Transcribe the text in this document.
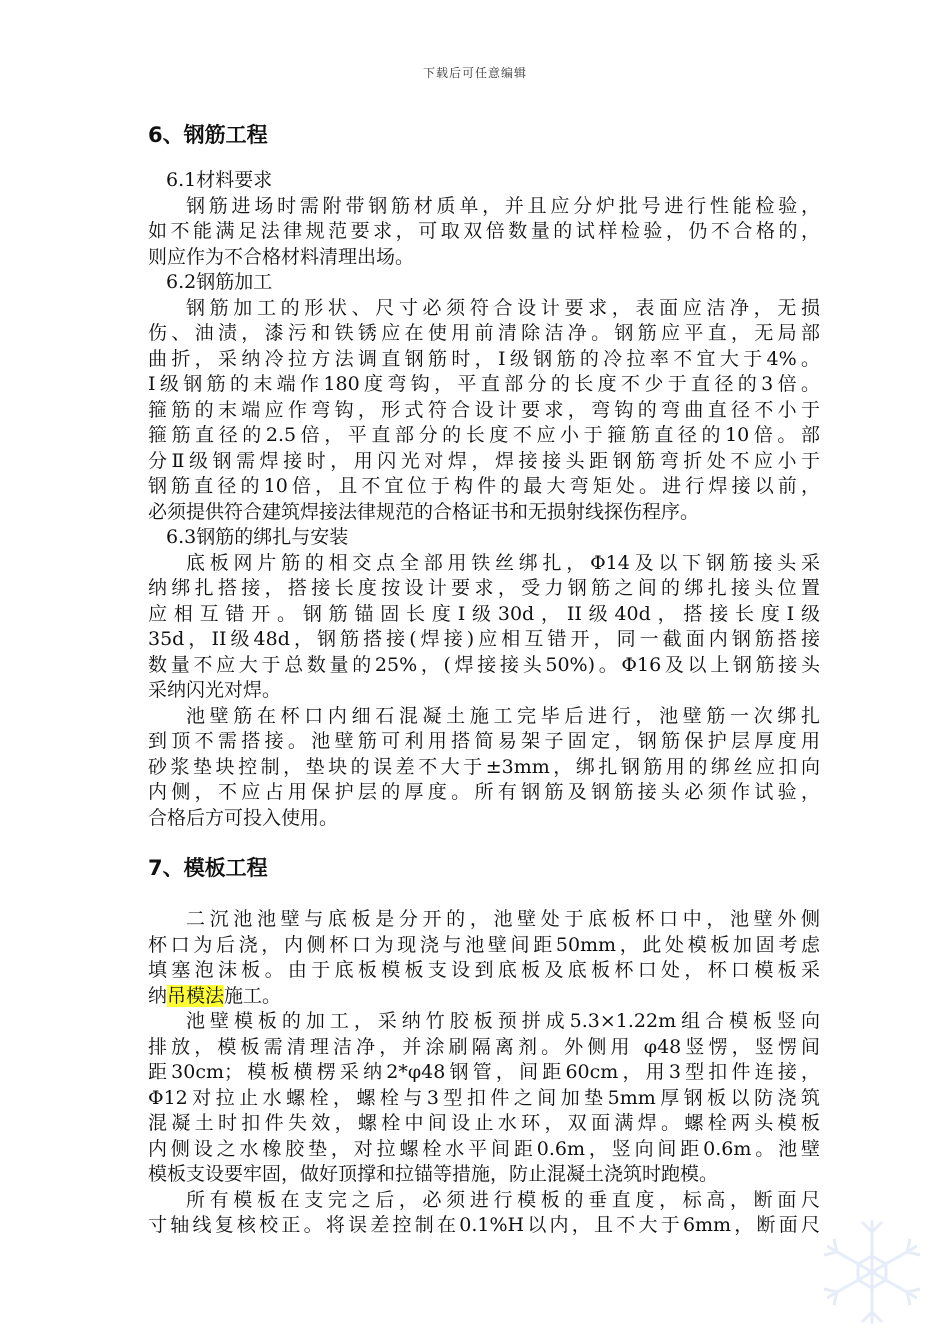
下载后可任意编辑
6、钢筋工程

6.1材料要求

钢筋进场时需附带钢筋材质单，并且应分炉批号进行性能检验，
如不能满足法律规范要求，可取双倍数量的试样检验，仍不合格的，
则应作为不合格材料清理出场。

6.2钢筋加工

钢筋加工的形状、尺寸必须符合设计要求，表面应洁净，无损
伤、油渍，漆污和铁锈应在使用前清除洁净。钢筋应平直，无局部
曲折，采纳冷拉方法调直钢筋时，Ⅰ级钢筋的冷拉率不宜大于4%。
Ⅰ级钢筋的末端作180度弯钩，平直部分的长度不少于直径的3倍。
箍筋的末端应作弯钩，形式符合设计要求，弯钩的弯曲直径不小于
箍筋直径的2.5倍，平直部分的长度不应小于箍筋直径的10倍。部
分Ⅱ级钢需焊接时，用闪光对焊，焊接接头距钢筋弯折处不应小于
钢筋直径的10倍，且不宜位于构件的最大弯矩处。进行焊接以前，
必须提供符合建筑焊接法律规范的合格证书和无损射线探伤程序。

6.3钢筋的绑扎与安装

底板网片筋的相交点全部用铁丝绑扎，Φ14及以下钢筋接头采
纳绑扎搭接，搭接长度按设计要求，受力钢筋之间的绑扎接头位置
应相互错开。钢筋锚固长度Ⅰ级30d，II级40d，搭接长度Ⅰ级
35d，II级48d，钢筋搭接(焊接)应相互错开，同一截面内钢筋搭接
数量不应大于总数量的25%，(焊接接头50%)。Φ16及以上钢筋接头
采纳闪光对焊。

池壁筋在杯口内细石混凝土施工完毕后进行，池壁筋一次绑扎
到顶不需搭接。池壁筋可利用搭简易架子固定，钢筋保护层厚度用
砂浆垫块控制，垫块的误差不大于±3mm，绑扎钢筋用的绑丝应扣向
内侧，不应占用保护层的厚度。所有钢筋及钢筋接头必须作试验，
合格后方可投入使用。

7、模板工程

二沉池池壁与底板是分开的，池壁处于底板杯口中，池壁外侧
杯口为后浇，内侧杯口为现浇与池壁间距50mm，此处模板加固考虑
填塞泡沫板。由于底板模板支设到底板及底板杯口处，杯口模板采
纳吊模法施工。

池壁模板的加工，采纳竹胶板预拼成5.3×1.22m组合模板竖向
排放，模板需清理洁净，并涂刷隔离剂。外侧用 φ48竖愣，竖愣间
距30cm；模板横楞采纳2*φ48钢管，间距60cm，用3型扣件连接，
Φ12对拉止水螺栓，螺栓与3型扣件之间加垫5mm厚钢板以防浇筑
混凝土时扣件失效，螺栓中间设止水环，双面满焊。螺栓两头模板
内侧设之水橡胶垫，对拉螺栓水平间距0.6m，竖向间距0.6m。池壁
模板支设要牢固，做好顶撑和拉锚等措施，防止混凝土浇筑时跑模。

所有模板在支完之后，必须进行模板的垂直度，标高，断面尺
寸轴线复核校正。将误差控制在0.1%H以内，且不大于6mm，断面尺
